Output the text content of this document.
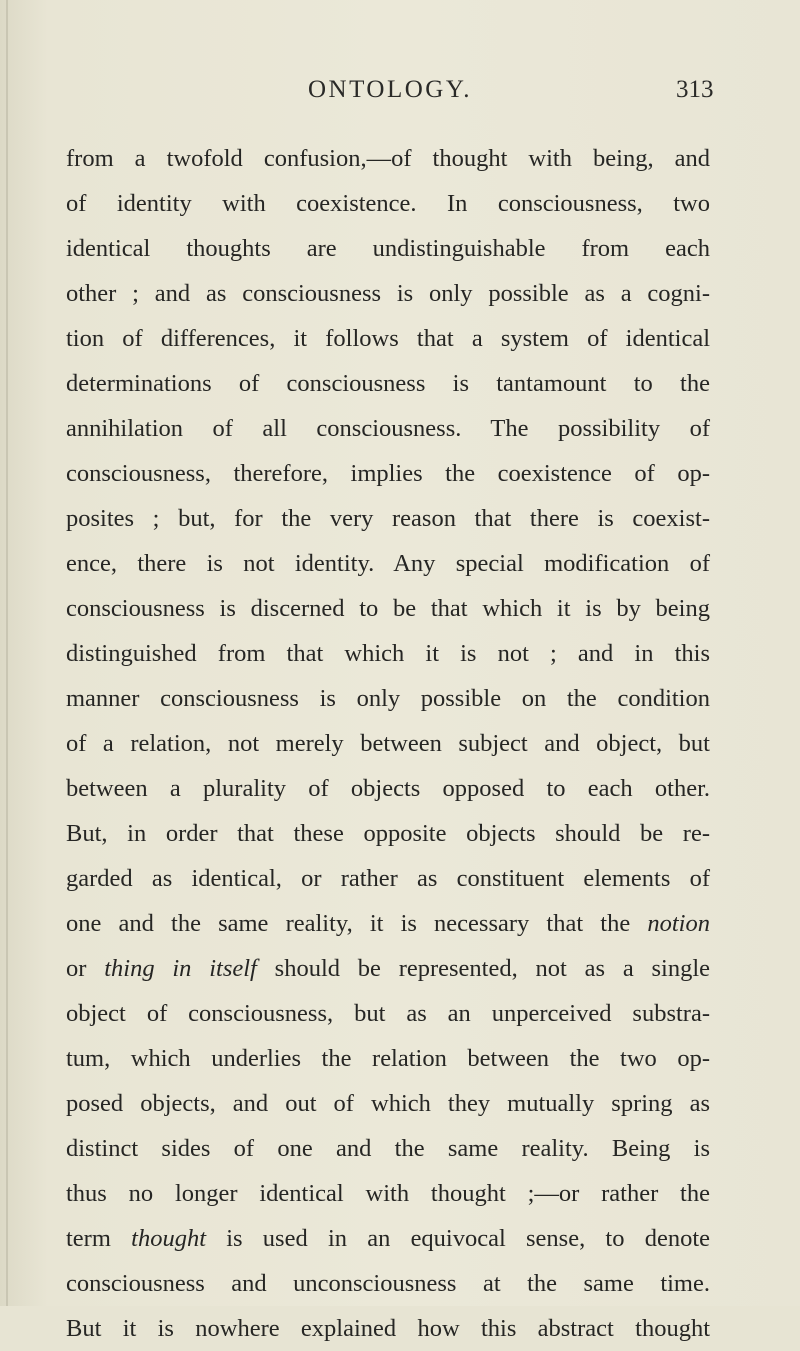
ONTOLOGY.	313
from a twofold confusion,—of thought with being, and
of identity with coexistence. In consciousness, two
identical thoughts are undistinguishable from each
other ; and as consciousness is only possible as a cogni-
tion of differences, it follows that a system of identical
determinations of consciousness is tantamount to the
annihilation of all consciousness. The possibility of
consciousness, therefore, implies the coexistence of op-
posites ; but, for the very reason that there is coexist-
ence, there is not identity. Any special modification of
consciousness is discerned to be that which it is by being
distinguished from that which it is not ; and in this
manner consciousness is only possible on the condition
of a relation, not merely between subject and object, but
between a plurality of objects opposed to each other.
But, in order that these opposite objects should be re-
garded as identical, or rather as constituent elements of
one and the same reality, it is necessary that the notion
or thing in itself should be represented, not as a single
object of consciousness, but as an unperceived substra-
tum, which underlies the relation between the two op-
posed objects, and out of which they mutually spring as
distinct sides of one and the same reality. Being is
thus no longer identical with thought ;—or rather the
term thought is used in an equivocal sense, to denote
consciousness and unconsciousness at the same time.
But it is nowhere explained how this abstract thought
